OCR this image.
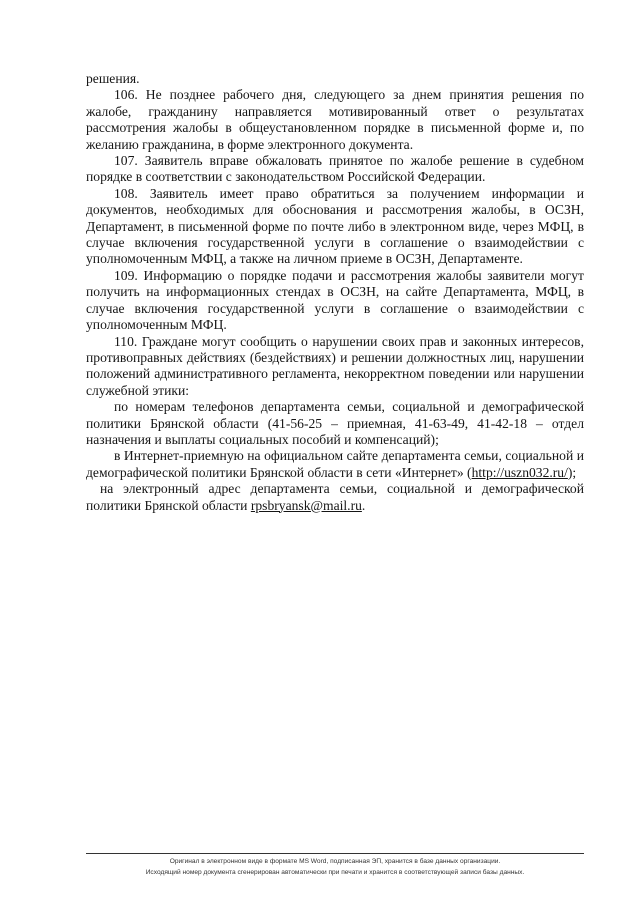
решения.

106. Не позднее рабочего дня, следующего за днем принятия решения по жалобе, гражданину направляется мотивированный ответ о результатах рассмотрения жалобы в общеустановленном порядке в письменной форме и, по желанию гражданина, в форме электронного документа.

107. Заявитель вправе обжаловать принятое по жалобе решение в судебном порядке в соответствии с законодательством Российской Федерации.

108. Заявитель имеет право обратиться за получением информации и документов, необходимых для обоснования и рассмотрения жалобы, в ОСЗН, Департамент, в письменной форме по почте либо в электронном виде, через МФЦ, в случае включения государственной услуги в соглашение о взаимодействии с уполномоченным МФЦ, а также на личном приеме в ОСЗН, Департаменте.

109. Информацию о порядке подачи и рассмотрения жалобы заявители могут получить на информационных стендах в ОСЗН, на сайте Департамента, МФЦ, в случае включения государственной услуги в соглашение о взаимодействии с уполномоченным МФЦ.

110. Граждане могут сообщить о нарушении своих прав и законных интересов, противоправных действиях (бездействиях) и решении должностных лиц, нарушении положений административного регламента, некорректном поведении или нарушении служебной этики:

по номерам телефонов департамента семьи, социальной и демографической политики Брянской области (41-56-25 – приемная, 41-63-49, 41-42-18 – отдел назначения и выплаты социальных пособий и компенсаций);

в Интернет-приемную на официальном сайте департамента семьи, социальной и демографической политики Брянской области в сети «Интернет» (http://uszn032.ru/);

на электронный адрес департамента семьи, социальной и демографической политики Брянской области rpsbryansk@mail.ru.

Оригинал в электронном виде в формате MS Word, подписанная ЭП, хранится в базе данных организации.

Исходящий номер документа сгенерирован автоматически при печати и хранится в соответствующей записи базы данных.
